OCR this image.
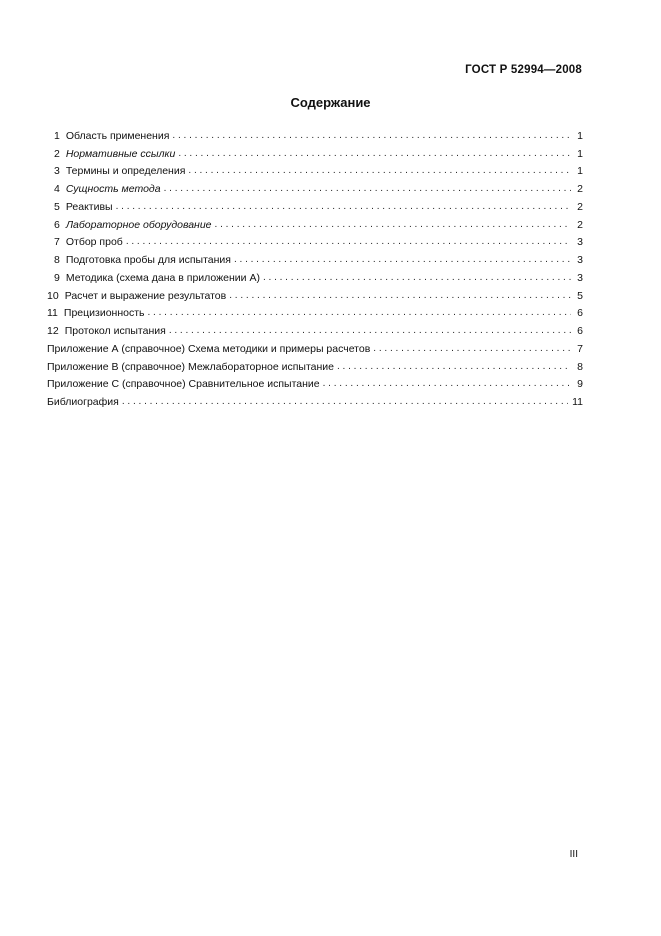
ГОСТ Р 52994—2008
Содержание
1 Область применения . . .	1
2 Нормативные ссылки . . .	1
3 Термины и определения . . .	1
4 Сущность метода . . .	2
5 Реактивы . . .	2
6 Лабораторное оборудование . . .	2
7 Отбор проб . . .	3
8 Подготовка пробы для испытания . . .	3
9 Методика (схема дана в приложении А) . . .	3
10 Расчет и выражение результатов . . .	5
11 Прецизионность . . .	6
12 Протокол испытания . . .	6
Приложение А (справочное) Схема методики и примеры расчетов . . .	7
Приложение В (справочное) Межлабораторное испытание . . .	8
Приложение С (справочное) Сравнительное испытание . . .	9
Библиография . . .	11
III
